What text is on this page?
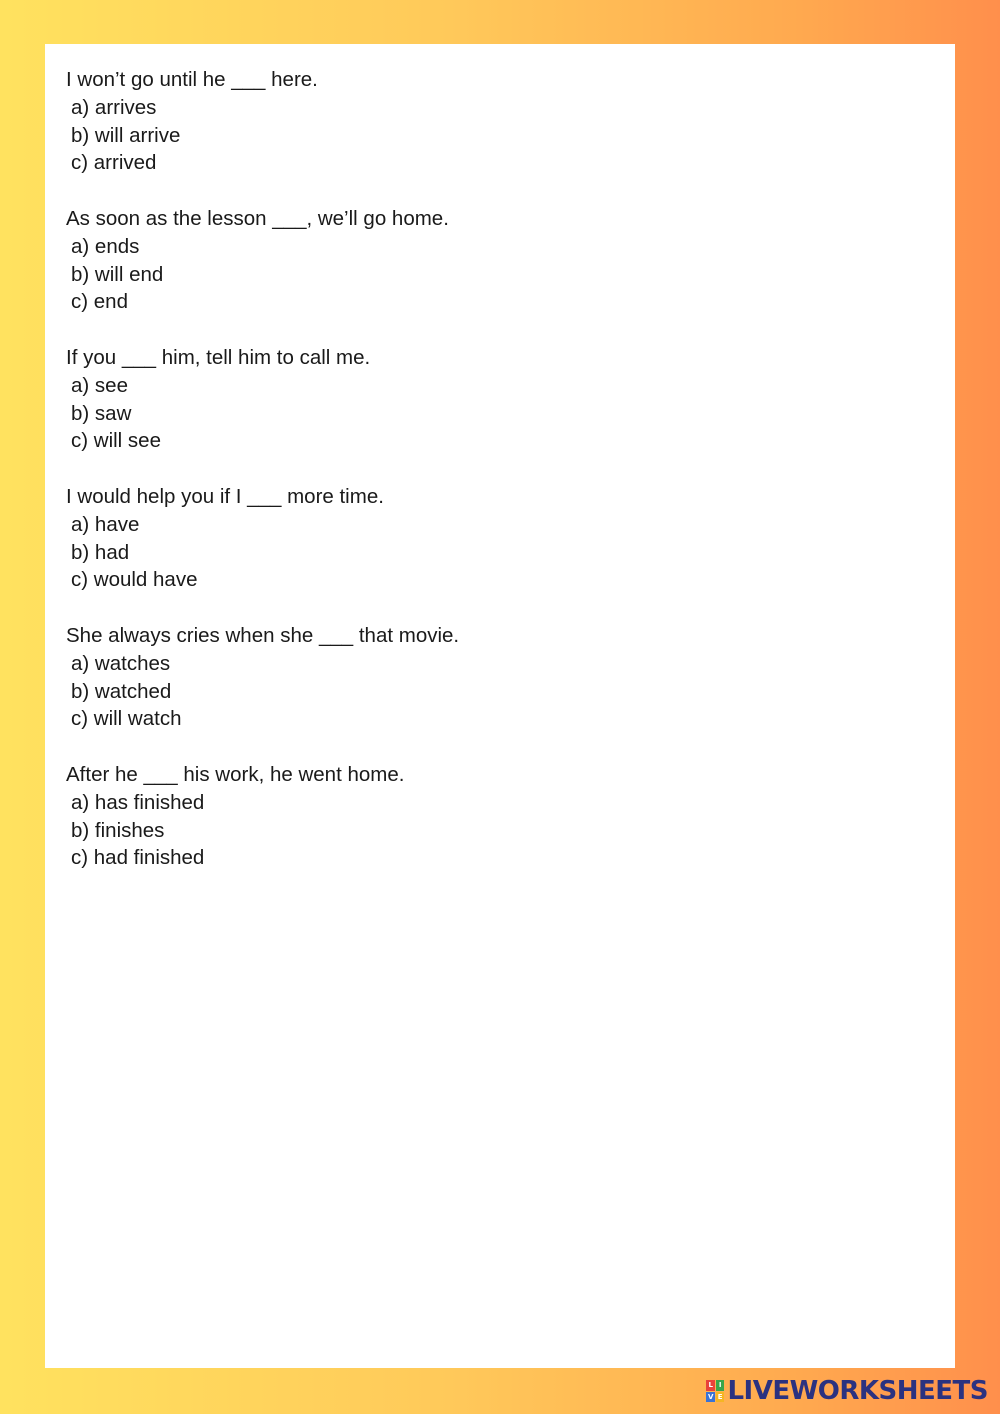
I won’t go until he ___ here.
a) arrives
b) will arrive
c) arrived
As soon as the lesson ___, we’ll go home.
a) ends
b) will end
c) end
If you ___ him, tell him to call me.
a) see
b) saw
c) will see
I would help you if I ___ more time.
a) have
b) had
c) would have
She always cries when she ___ that movie.
a) watches
b) watched
c) will watch
After he ___ his work, he went home.
a) has finished
b) finishes
c) had finished
L I
V E LIVEWORKSHEETS
